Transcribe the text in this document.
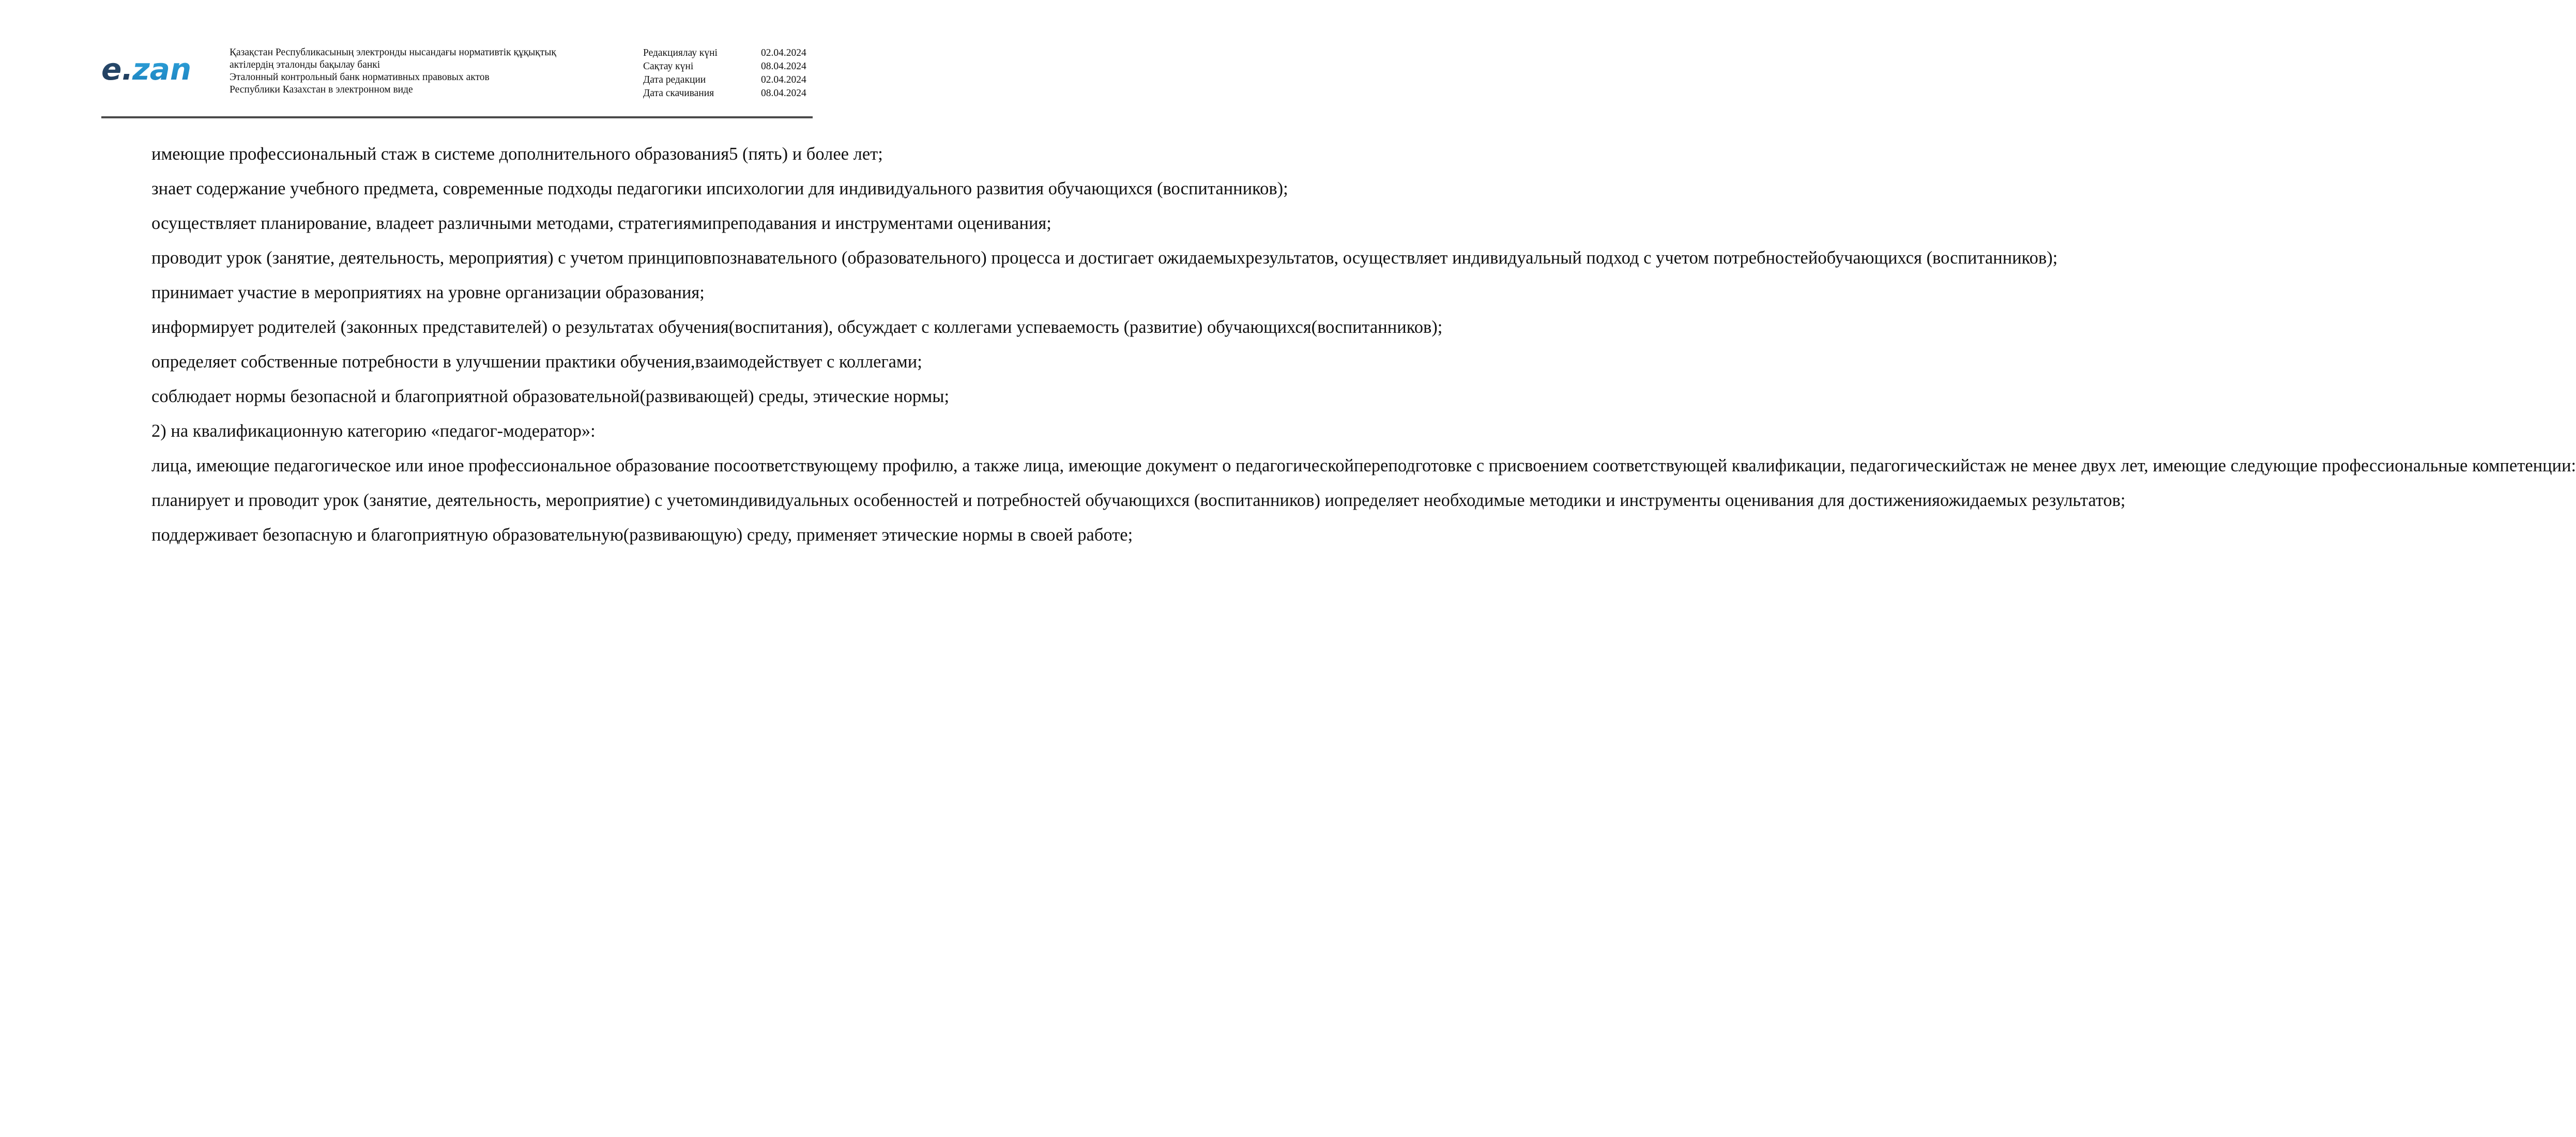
e.
zan	Қазақстан Республикасының электронды нысандағы нормативтік құқықтық
актілердің эталонды бақылау банкі
Эталонный контрольный банк нормативных правовых актов
Республики Казахстан в электронном виде
Редакциялау күні	02.04.2024
Сақтау күні	08.04.2024
Дата редакции	02.04.2024
Дата скачивания	08.04.2024
имеющие профессиональный стаж в системе дополнительного образования5 (пять) и более лет;
знает содержание учебного предмета, современные подходы педагогики ипсихологии для индивидуального развития обучающихся (воспитанников);
осуществляет планирование, владеет различными методами, стратегиямипреподавания и инструментами оценивания;
проводит урок (занятие, деятельность, мероприятия) с учетом принциповпознавательного (образовательного) процесса и достигает ожидаемыхрезультатов, осуществляет индивидуальный подход с учетом потребностейобучающихся (воспитанников);
принимает участие в мероприятиях на уровне организации образования;
информирует родителей (законных представителей) о результатах обучения(воспитания), обсуждает с коллегами успеваемость (развитие) обучающихся(воспитанников);
определяет собственные потребности в улучшении практики обучения,взаимодействует с коллегами;
соблюдает нормы безопасной и благоприятной образовательной(развивающей) среды, этические нормы;
2) на квалификационную категорию «педагог-модератор»:
лица, имеющие педагогическое или иное профессиональное образование посоответствующему профилю, а также лица, имеющие документ о педагогическойпереподготовке с присвоением соответствующей квалификации, педагогическийстаж не менее двух лет, имеющие следующие профессиональные компетенции:
планирует и проводит урок (занятие, деятельность, мероприятие) с учетоминдивидуальных особенностей и потребностей обучающихся (воспитанников) иопределяет необходимые методики и инструменты оценивания для достиженияожидаемых результатов;
поддерживает безопасную и благоприятную образовательную(развивающую) среду, применяет этические нормы в своей работе;
